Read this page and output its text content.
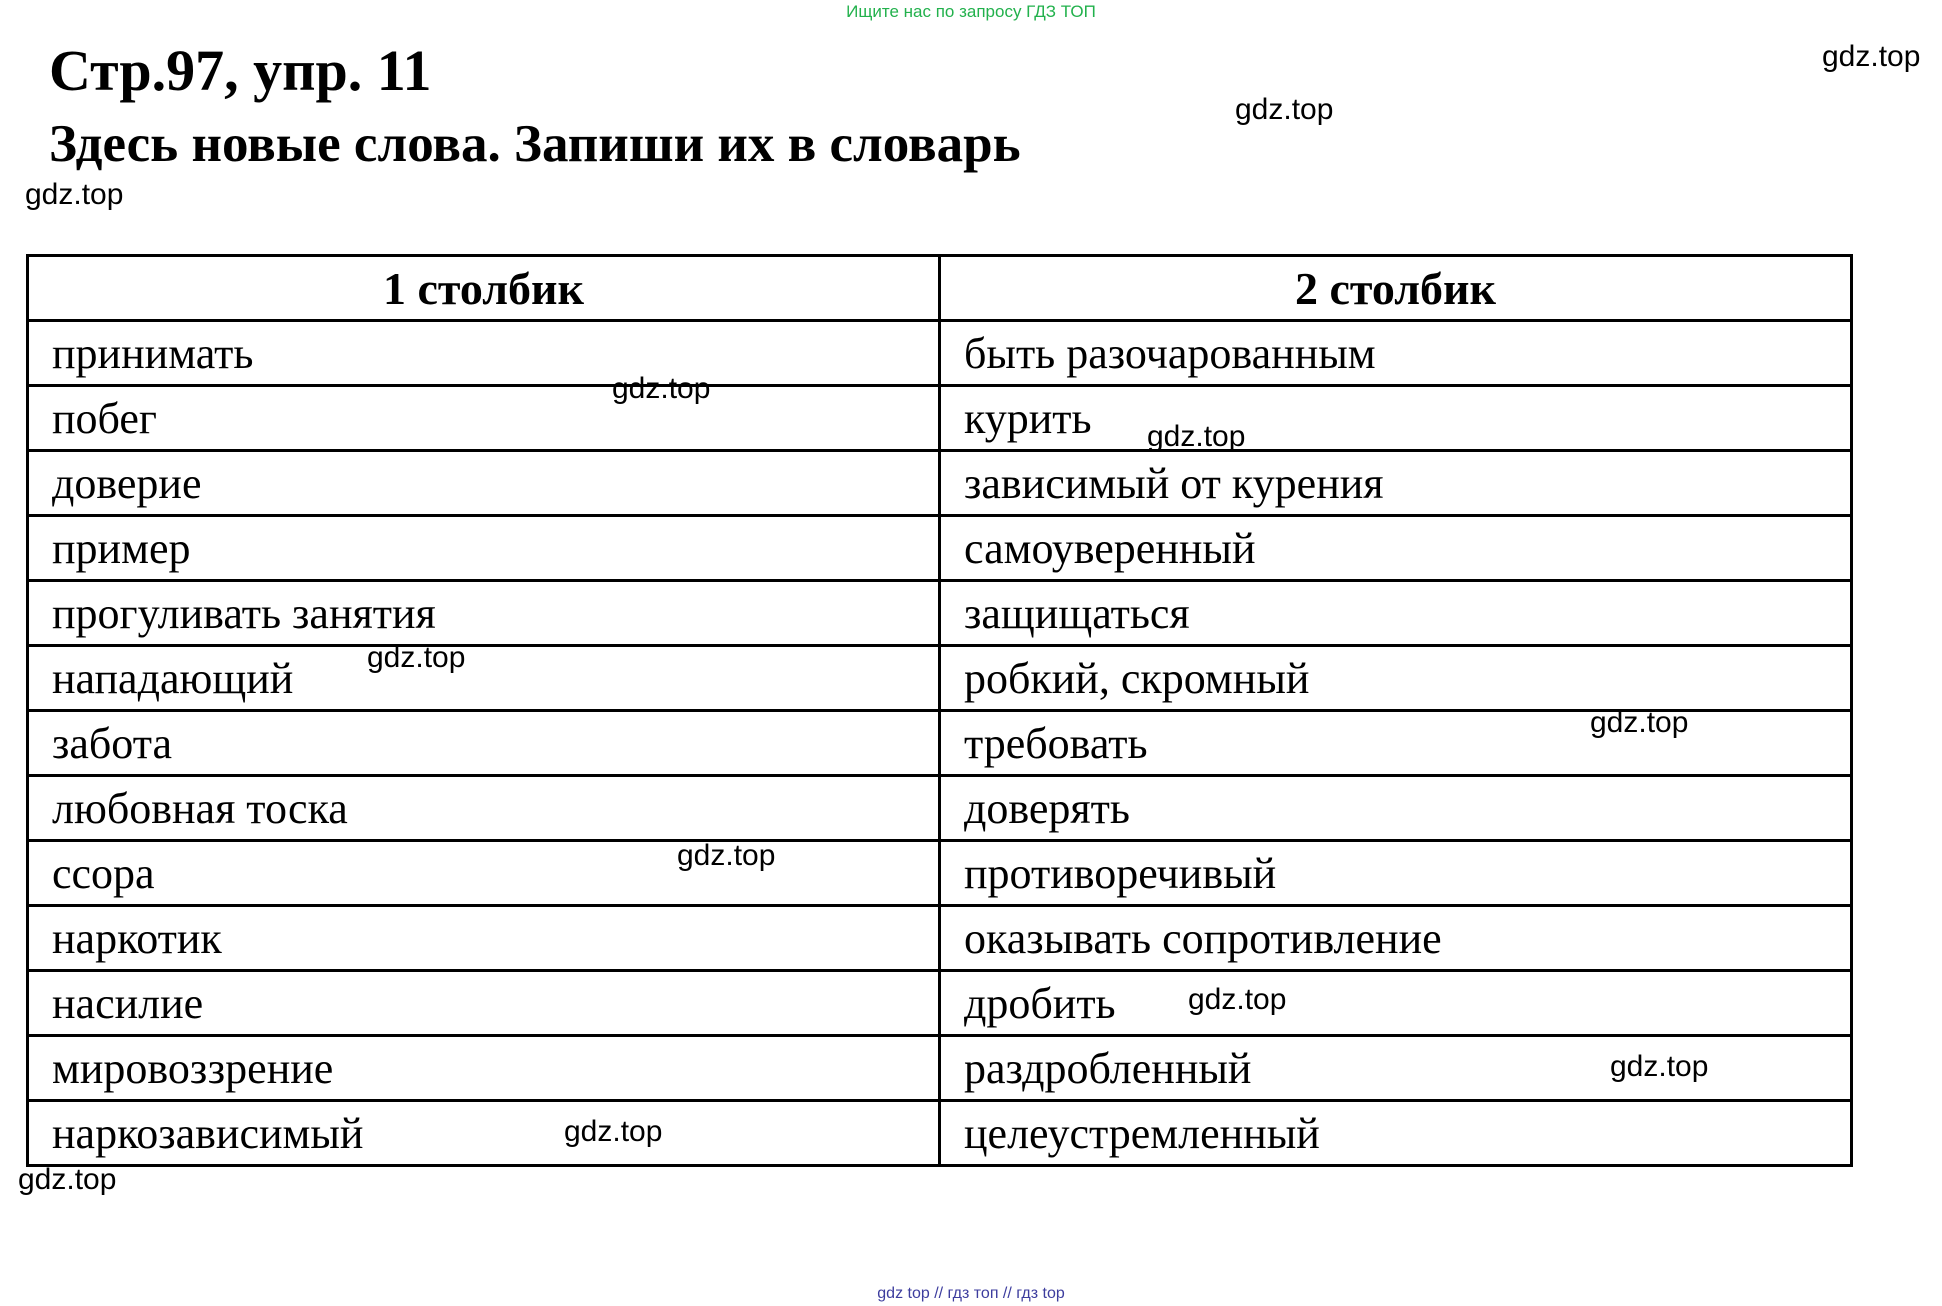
Ищите нас по запросу ГДЗ ТОП
Стр.97, упр. 11
Здесь новые слова. Запиши их в словарь
gdz.top
gdz.top
gdz.top
1 столбик	2 столбик
принимать	быть разочарованным
побег	курить
доверие	зависимый от курения
пример	самоуверенный
прогуливать занятия	защищаться
нападающий	робкий, скромный
забота	требовать
любовная тоска	доверять
ссора	противоречивый
наркотик	оказывать сопротивление
насилие	дробить
мировоззрение	раздробленный
наркозависимый	целеустремленный
gdz.top
gdz.top
gdz.top
gdz.top
gdz.top
gdz.top
gdz.top
gdz.top
gdz.top
gdz top // гдз топ // гдз top
